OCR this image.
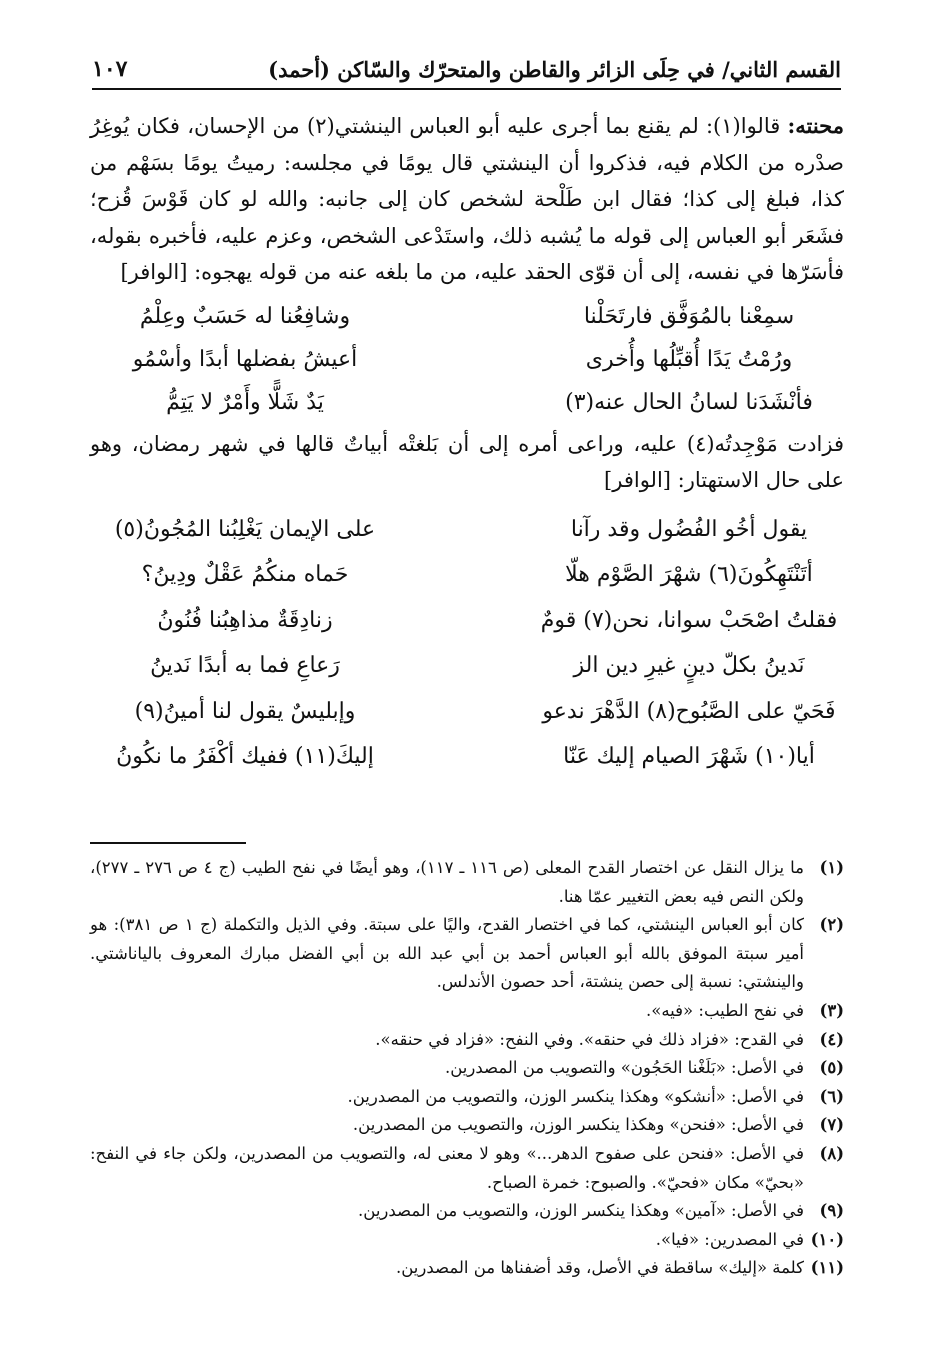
القسم الثاني/ في حِلَى الزائر والقاطن والمتحرّك والسّاكن (أحمد)
١٠٧

محنته: قالوا(١): لم يقنع بما أجرى عليه أبو العباس الينشتي(٢) من الإحسان، فكان يُوغِرُ صدْره من الكلام فيه، فذكروا أن الينشتي قال يومًا في مجلسه: رميتُ يومًا بسَهْم من كذا، فبلغ إلى كذا؛ فقال ابن طَلْحة لشخص كان إلى جانبه: والله لو كان قَوْسَ قُزح؛ فشَعَر أبو العباس إلى قوله ما يُشبه ذلك، واستَدْعى الشخص، وعزم عليه، فأخبره بقوله، فأسَرّها في نفسه، إلى أن قوّى الحقد عليه، من ما بلغه عنه من قوله يهجوه: [الوافر]

سمِعْنا بالمُوَفَّق فارتَحَلْنا
وشافِعُنا له حَسَبٌ وعِلْمُ
ورُمْتُ يَدًا أُقبِّلُها وأُخرى
أعيشُ بفضلها أبدًا وأسْمُو
فأنْشَدَنا لسانُ الحال عنه(٣)
يَدٌ شَلًّا وأَمْرٌ لا يَتِمُّ

فزادت مَوْجِدتُه(٤) عليه، وراعى أمره إلى أن بَلغتْه أبياتٌ قالها في شهر رمضان، وهو على حال الاستهتار: [الوافر]

يقول أخُو الفُضُول وقد رآنا
على الإيمان يَغْلِبُنا المُجُونُ(٥)
أتَنْتَهِكُونَ(٦) شهْرَ الصَّوْم هلّا
حَماه منكُمُ عَقْلٌ ودِينُ؟
فقلتُ اصْحَبْ سوانا، نحن(٧) قومٌ
زنادِقَةٌ مذاهِبُنا فُنُونُ
نَدينُ بكلّ دينٍ غيرِ دين الز
رَعاعِ فما به أبدًا نَدينُ
فَحَيّ على الصَّبُوح(٨) الدَّهْرَ ندعو
وإبليسٌ يقول لنا أمينُ(٩)
أيا(١٠) شَهْرَ الصيام إليك عَنّا
إليكَ(١١) ففيك أكْفَرُ ما نكُونُ
(١)
ما يزال النقل عن اختصار القدح المعلى (ص ١١٦ ـ ١١٧)، وهو أيضًا في نفح الطيب (ج ٤ ص ٢٧٦ ـ ٢٧٧)، ولكن النص فيه بعض التغيير عمّا هنا.
(٢)
كان أبو العباس الينشتي، كما في اختصار القدح، واليًا على سبتة. وفي الذيل والتكملة (ج ١ ص ٣٨١): هو أمير سبتة الموفق بالله أبو العباس أحمد بن أبي عبد الله بن أبي الفضل مبارك المعروف بالياناشتي. والينشتي: نسبة إلى حصن ينشتة، أحد حصون الأندلس.
(٣)
في نفح الطيب: «فيه».
(٤)
في القدح: «فزاد ذلك في حنقه». وفي النفح: «فزاد في حنقه».
(٥)
في الأصل: «بَلَغْنا الحَجُون» والتصويب من المصدرين.
(٦)
في الأصل: «أنشكو» وهكذا ينكسر الوزن، والتصويب من المصدرين.
(٧)
في الأصل: «فنحن» وهكذا ينكسر الوزن، والتصويب من المصدرين.
(٨)
في الأصل: «فنحن على صفوح الدهر...» وهو لا معنى له، والتصويب من المصدرين، ولكن جاء في النفح: «بحيّ» مكان «فحيّ». والصبوح: خمرة الصباح.
(٩)
في الأصل: «آمين» وهكذا ينكسر الوزن، والتصويب من المصدرين.
(١٠)
في المصدرين: «فيا».
(١١)
كلمة «إليك» ساقطة في الأصل، وقد أضفناها من المصدرين.
